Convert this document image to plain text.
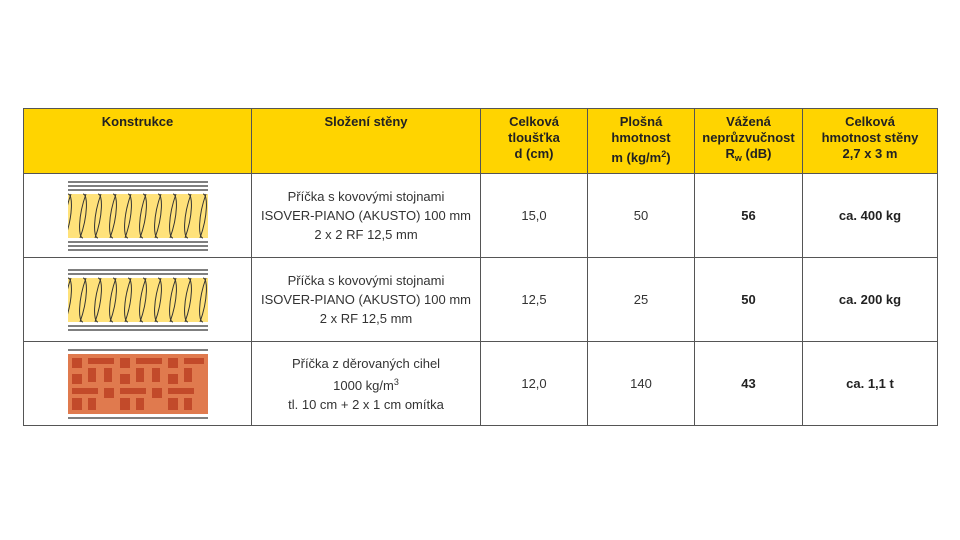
Konstrukce	Složení stěny	Celková
tloušťka
d (cm)	Plošná
hmotnost
m $(kg/m^2)$	Vážená
neprůzvučnost
$R_w$ (dB)	Celková
hmotnost stěny
2,7 x 3 m

	Příčka s kovovými stojnami
ISOVER-PIANO (AKUSTO) 100 mm
2 x 2 RF 12,5 mm	15,0	50	56	ca. 400 kg

	Příčka s kovovými stojnami
ISOVER-PIANO (AKUSTO) 100 mm
2 x RF 12,5 mm	12,5	25	50	ca. 200 kg

	Příčka z děrovaných cihel
1000 $kg/m^3$
tl. 10 cm + 2 x 1 cm omítka	12,0	140	43	ca. 1,1 t
